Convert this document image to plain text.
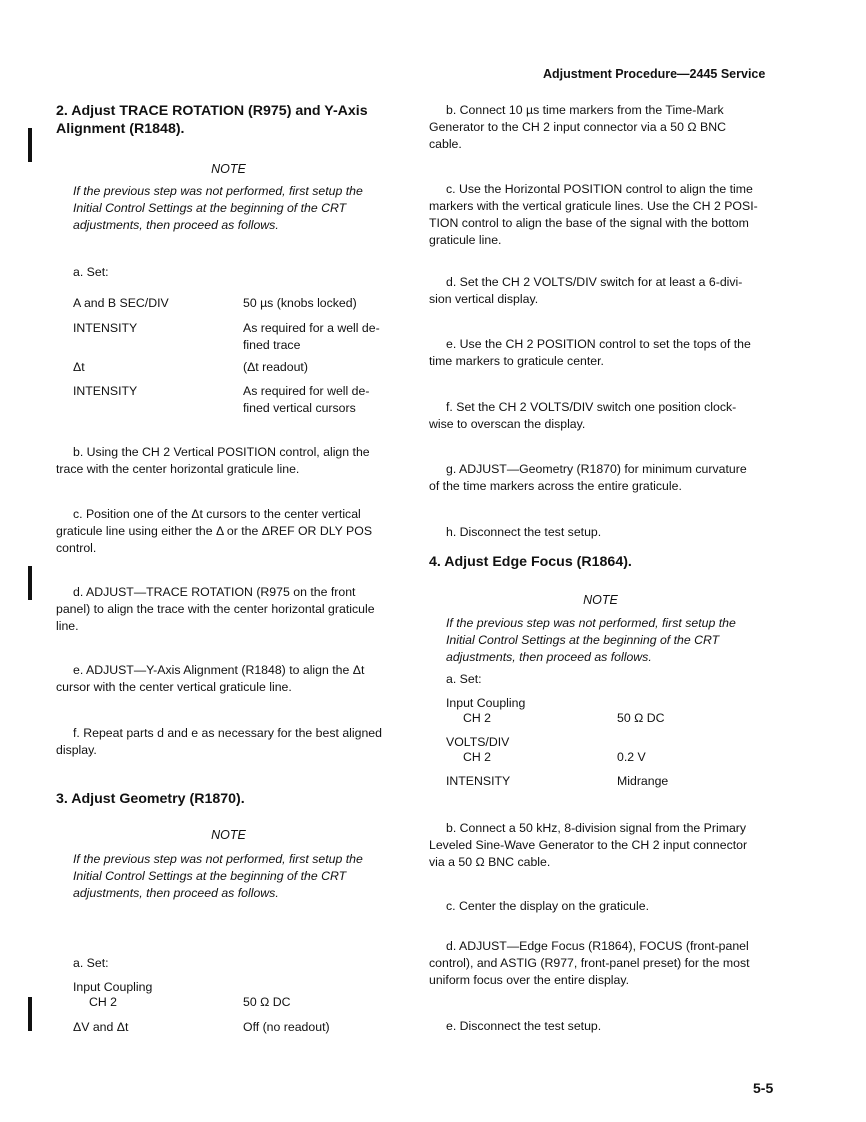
Adjustment Procedure—2445 Service
2. Adjust TRACE ROTATION (R975) and Y-Axis
Alignment (R1848).
NOTE
If the previous step was not performed, first setup the
Initial Control Settings at the beginning of the CRT
adjustments, then proceed as follows.
a. Set:
A and B SEC/DIV	50 µs (knobs locked)
INTENSITY	As required for a well de-
fined trace
Δt	(Δt readout)
INTENSITY	As required for well de-
fined vertical cursors
b. Using the CH 2 Vertical POSITION control, align the
trace with the center horizontal graticule line.
c. Position one of the Δt cursors to the center vertical
graticule line using either the Δ or the ΔREF OR DLY POS
control.
d. ADJUST—TRACE ROTATION (R975 on the front
panel) to align the trace with the center horizontal graticule
line.
e. ADJUST—Y-Axis Alignment (R1848) to align the Δt
cursor with the center vertical graticule line.
f. Repeat parts d and e as necessary for the best aligned
display.
3. Adjust Geometry (R1870).
NOTE
If the previous step was not performed, first setup the
Initial Control Settings at the beginning of the CRT
adjustments, then proceed as follows.
a. Set:
Input Coupling
CH 2	50 Ω DC
ΔV and Δt	Off (no readout)
b. Connect 10 µs time markers from the Time-Mark
Generator to the CH 2 input connector via a 50 Ω BNC
cable.
c. Use the Horizontal POSITION control to align the time
markers with the vertical graticule lines. Use the CH 2 POSI-
TION control to align the base of the signal with the bottom
graticule line.
d. Set the CH 2 VOLTS/DIV switch for at least a 6-divi-
sion vertical display.
e. Use the CH 2 POSITION control to set the tops of the
time markers to graticule center.
f. Set the CH 2 VOLTS/DIV switch one position clock-
wise to overscan the display.
g. ADJUST—Geometry (R1870) for minimum curvature
of the time markers across the entire graticule.
h. Disconnect the test setup.
4. Adjust Edge Focus (R1864).
NOTE
If the previous step was not performed, first setup the
Initial Control Settings at the beginning of the CRT
adjustments, then proceed as follows.
a. Set:
Input Coupling
CH 2	50 Ω DC
VOLTS/DIV
CH 2	0.2 V
INTENSITY	Midrange
b. Connect a 50 kHz, 8-division signal from the Primary
Leveled Sine-Wave Generator to the CH 2 input connector
via a 50 Ω BNC cable.
c. Center the display on the graticule.
d. ADJUST—Edge Focus (R1864), FOCUS (front-panel
control), and ASTIG (R977, front-panel preset) for the most
uniform focus over the entire display.
e. Disconnect the test setup.
5-5
